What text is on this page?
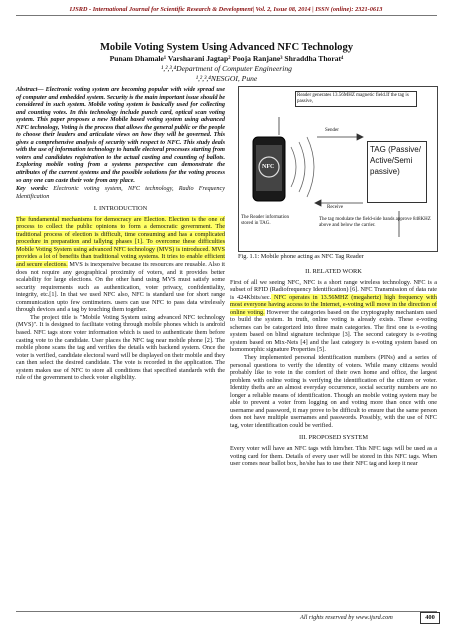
IJSRD - International Journal for Scientific Research & Development| Vol. 2, Issue 08, 2014 | ISSN (online): 2321-0613
Mobile Voting System Using Advanced NFC Technology
Punam Dhamale¹ Varsharani Jagtap² Pooja Ranjane³ Shraddha Thorat⁴
¹,²,³,⁴Department of Computer Engineering
¹,²,³,⁴NESGOI, Pune

Abstract— Electronic voting system are becoming popular with wide spread use of computer and embedded system. Security is the main important issue should be considered in such system. Mobile voting system is basically used for collecting and counting votes. In this technology include punch card, optical scan voting system. This paper proposes a new Mobile based voting system using advanced NFC technology, Voting is the process that allows the general public or the people to choose their leaders and articulate views on how they will be governed. This gives a comprehensive analysis of security with respect to NFC. This study deals with the use of information technology to handle electoral processes starting from voters and candidates registration to the actual casting and counting of ballots. Exploring mobile voting from a systems perspective can demonstrate the attributes of the current systems and the possible solutions for the voting process so any one can caste their vote from any place.

Key words: Electronic voting system, NFC technology, Radio Frequency Identification

I. INTRODUCTION

The fundamental mechanisms for democracy are Election. Election is the one of process to collect the public opinions to form a democratic government. The traditional process of election is difficult, time consuming and has a complicated procedure in preparation and tallying phases [1]. To overcome these difficulties Mobile Voting System using advanced NFC technology (MVS) is introduced. MVS provides a lot of benefits than traditional voting systems. It tries to enable efficient and secure elections. MVS is inexpensive because its resources are reusable. Also it does not require any geographical proximity of voters, and it provides better scalability for large elections. On the other hand using MVS must satisfy some security requirements such as authentication, voter privacy, confidentiality, integrity, etc.[1]. In that we used NFC also, NFC is standard use for short range communication upto few centimeters. users can use NFC to pass data wirelessly through devices and a tag by touching them together.

The project title is "Mobile Voting System using advanced NFC technology (MVS)". It is designed to facilitate voting through mobile phones which is android based. NFC tags store voter information which is used to authenticate them before casting vote to the candidate. User places the NFC tag near mobile phone [2]. The mobile phone scans the tag and verifies the details with backend system. Once the voter is verified, candidate electoral ward will be displayed on their mobile and they can then select the desired candidate. The vote is recorded in the application. The system makes use of NFC to store all conditions that specified standards with the rule of the government to check voter eligibility.

Reader generates 13.56MHZ magnetic field.If the tag is passive,
Sender
Receive
TAG (Passive/ Active/Semi passive)
NFC
The Reader information stored in TAG.
The tag modulate the field-side bands approve 848KHZ above and below the carrier.
Fig. 1.1: Mobile phone acting as NFC Tag Reader
II. RELATED WORK

First of all we seeing NFC, NFC is a short range wireless technology. NFC is a subset of RFID (Radiofrequency Identification) [6]. NFC Transmission of data rate is 424Kbits/sec. NFC operates in 13.56MHZ (megahertz) high frequency with most everyone having access to the Internet, e-voting will move in the direction of online voting. However the categories based on the cryptography mechanism used to build the system. In truth, online voting is already exists. These e-voting schemes can be categorized into three main categories. The first one is e-voting system based on blind signature technique [3]. The second category is e-voting system based on Mix-Nets [4] and the last category is e-voting system based on homomorphic signature Properties [5].

They implemented personal identification numbers (PINs) and a series of personal questions to verify the identity of voters. While many citizens would probably like to vote in the comfort of their own home and office, the largest problem with online voting is verifying the identification of the citizen or voter. Identity thefts are an almost everyday occurrence, social security numbers are no longer a reliable means of identification. Though an mobile voting system may be able to prevent a voter from logging on and voting more than once with one username and password, it may prove to be difficult to ensure that the same person does not have multiple usernames and passwords. Possibly, with the use of NFC tag, voter identification could be verified.

III. PROPOSED SYSTEM

Every voter will have an NFC tags with him/her. This NFC tags will be used as a voting card for them. Details of every user will be stored in this NFC tags. When user comes near ballot box, he/she has to use their NFC tag and keep it near

All rights reserved by www.ijsrd.com	400
